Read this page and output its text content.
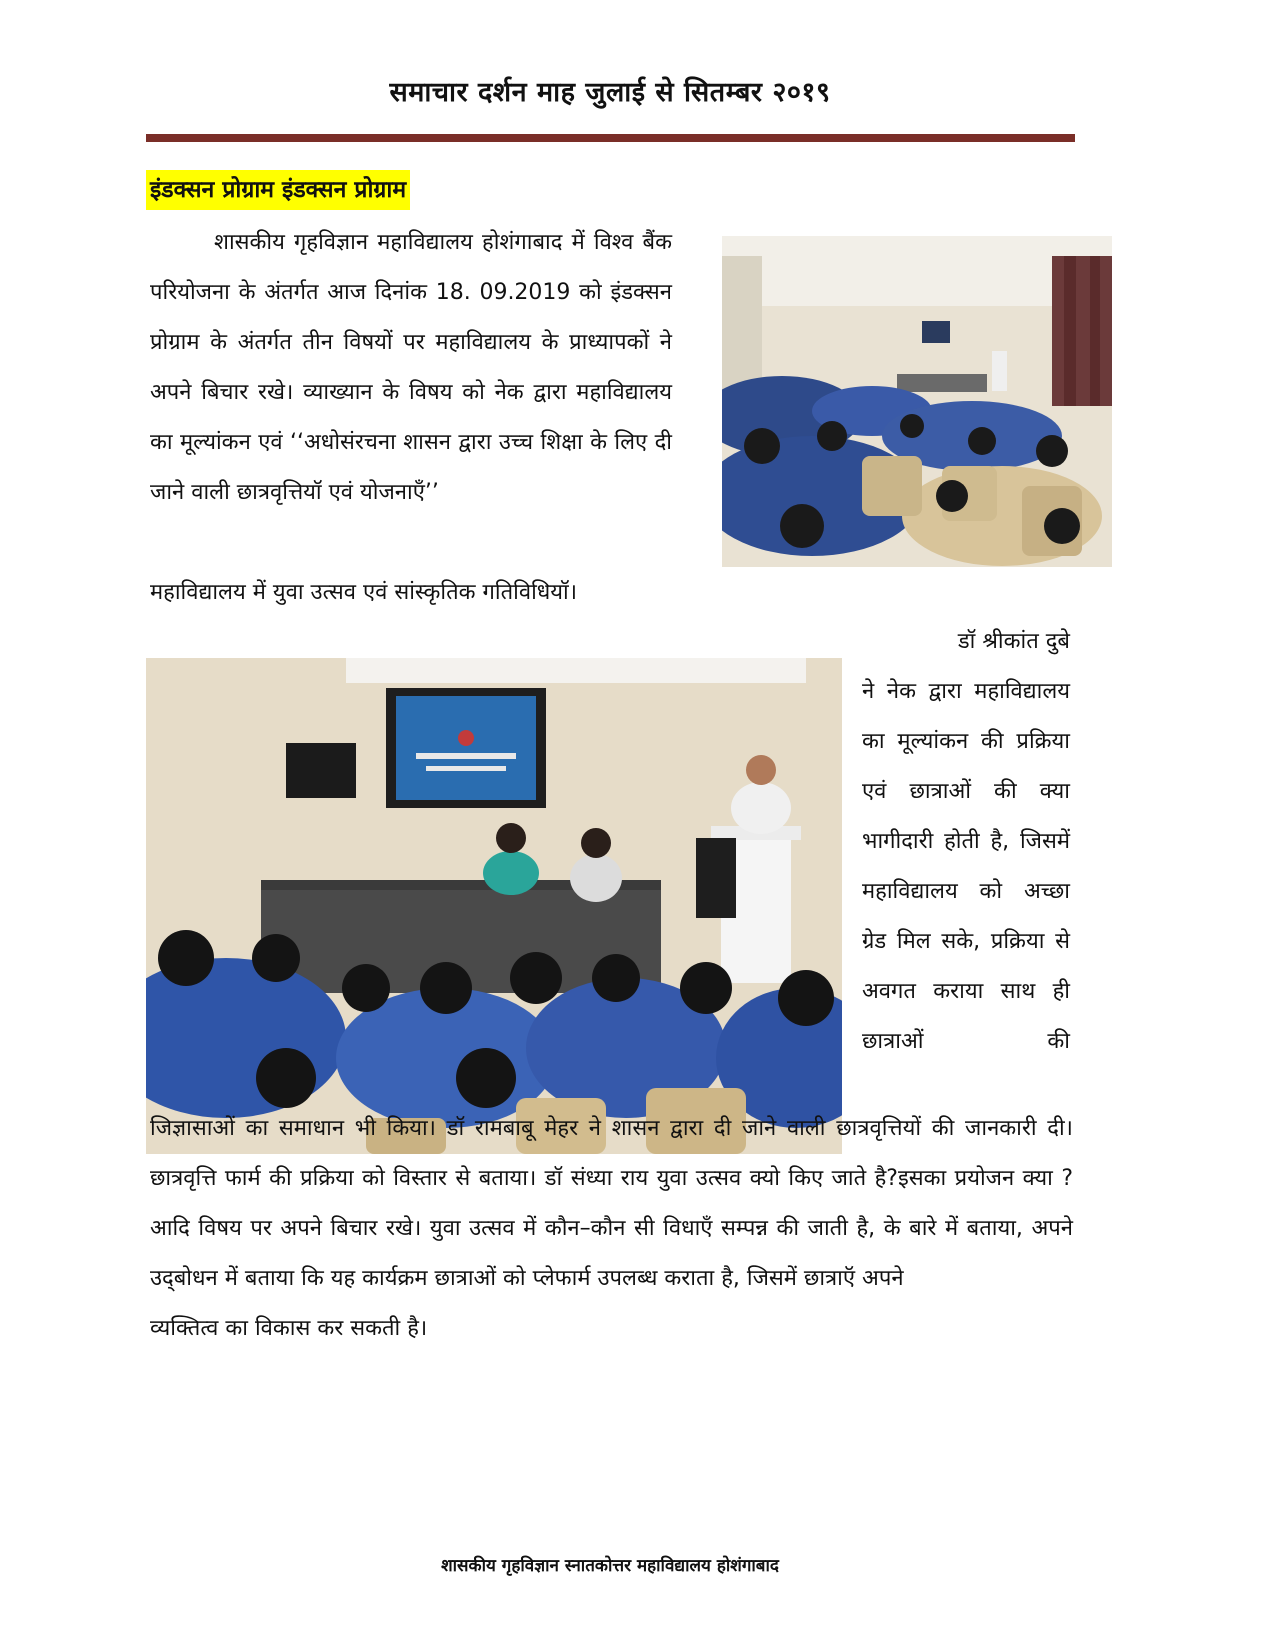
समाचार दर्शन माह जुलाई से सितम्बर २०१९
इंडक्सन प्रोग्राम इंडक्सन प्रोग्राम

शासकीय गृहविज्ञान महाविद्यालय होशंगाबाद में विश्व बैंक परियोजना के अंतर्गत आज दिनांक 18. 09.2019 को इंडक्सन प्रोग्राम के अंतर्गत तीन विषयों पर महाविद्यालय के प्राध्यापकों ने अपने बिचार रखे। व्याख्यान के विषय को नेक द्वारा महाविद्यालय का मूल्यांकन एवं ‘‘अधोसंरचना शासन द्वारा उच्च शिक्षा के लिए दी जाने वाली छात्रवृत्तियॉ एवं योजनाएँ’’

महाविद्यालय में युवा उत्सव एवं सांस्कृतिक गतिविधियॉ।

डॉ श्रीकांत दुबे

ने नेक द्वारा महाविद्यालय का मूल्यांकन की प्रक्रिया एवं छात्राओं की क्या भागीदारी होती है, जिसमें महाविद्यालय को अच्छा ग्रेड मिल सके, प्रक्रिया से अवगत कराया साथ ही छात्राओं की

जिज्ञासाओं का समाधान भी किया। डॉ रामबाबू मेहर ने शासन द्वारा दी जाने वाली छात्रवृत्तियों की जानकारी दी।छात्रवृत्ति फार्म की प्रक्रिया को विस्तार से बताया। डॉ संध्या राय युवा उत्सव क्यो किए जाते है?इसका प्रयोजन क्या ? आदि विषय पर अपने बिचार रखे। युवा उत्सव में कौन–कौन सी विधाएँ सम्पन्न की जाती है, के बारे में बताया, अपने उद्‌बोधन में बताया कि यह कार्यक्रम छात्राओं को प्लेफार्म उपलब्ध कराता है, जिसमें छात्राऍ अपने
व्यक्तित्व का विकास कर सकती है।

शासकीय गृहविज्ञान स्नातकोत्तर महाविद्यालय होशंगाबाद
